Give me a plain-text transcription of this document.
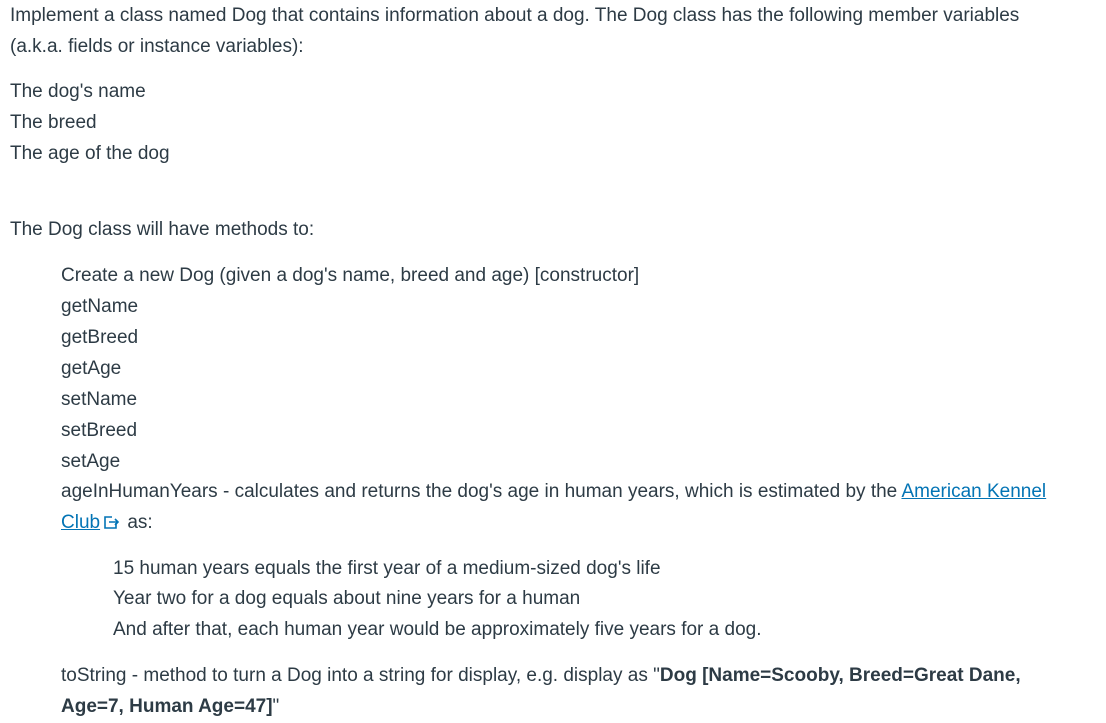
Implement a class named Dog that contains information about a dog. The Dog class has the following member variables
(a.k.a. fields or instance variables):
The dog's name
The breed
The age of the dog
The Dog class will have methods to:
Create a new Dog (given a dog's name, breed and age) [constructor]
getName
getBreed
getAge
setName
setBreed
setAge
ageInHumanYears - calculates and returns the dog's age in human years, which is estimated by the American Kennel
Club
as:
15 human years equals the first year of a medium-sized dog's life
Year two for a dog equals about nine years for a human
And after that, each human year would be approximately five years for a dog.
toString - method to turn a Dog into a string for display, e.g. display as "Dog [Name=Scooby, Breed=Great Dane,
Age=7, Human Age=47]"
